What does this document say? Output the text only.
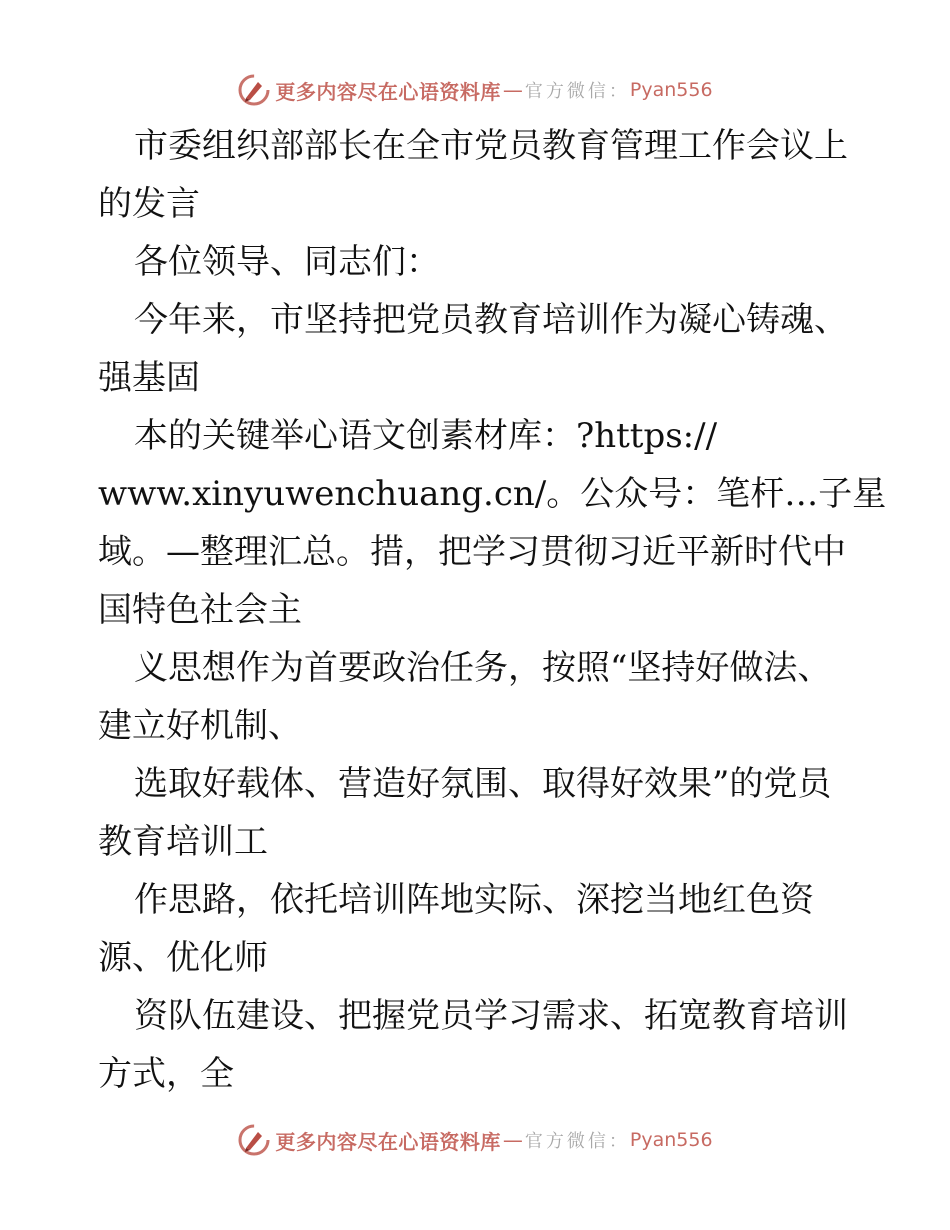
更多内容尽在心语资料库 — 官方微信： Pyan556
市委组织部部长在全市党员教育管理工作会议上
的发言
各位领导、同志们：
今年来，市坚持把党员教育培训作为凝心铸魂、
强基固
本的关键举心语文创素材库：?https://
www.xinyuwenchuang.cn/。公众号：笔杆…子星
域。—整理汇总。措，把学习贯彻习近平新时代中
国特色社会主
义思想作为首要政治任务，按照“坚持好做法、
建立好机制、
选取好载体、营造好氛围、取得好效果”的党员
教育培训工
作思路，依托培训阵地实际、深挖当地红色资
源、优化师
资队伍建设、把握党员学习需求、拓宽教育培训
方式，全
更多内容尽在心语资料库 — 官方微信： Pyan556
